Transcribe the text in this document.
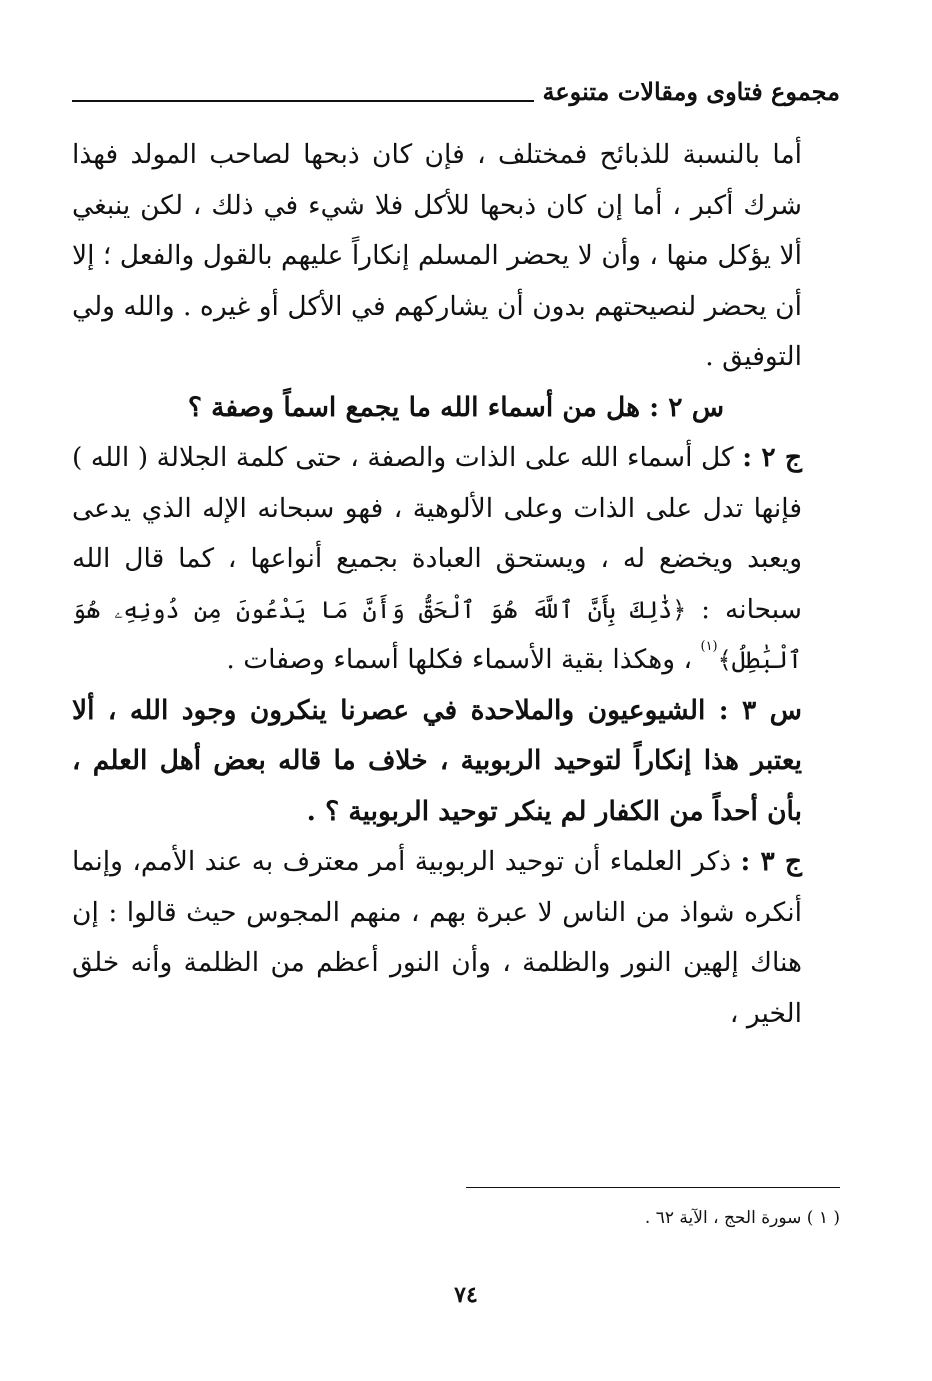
مجموع فتاوى ومقالات متنوعة

أما بالنسبة للذبائح فمختلف ، فإن كان ذبحها لصاحب المولد فهذا شرك أكبر ، أما إن كان ذبحها للأكل فلا شيء في ذلك ، لكن ينبغي ألا يؤكل منها ، وأن لا يحضر المسلم إنكاراً عليهم بالقول والفعل ؛ إلا أن يحضر لنصيحتهم بدون أن يشاركهم في الأكل أو غيره . والله ولي التوفيق .

س ٢ : هل من أسماء الله ما يجمع اسماً وصفة ؟

ج ٢ : كل أسماء الله على الذات والصفة ، حتى كلمة الجلالة ( الله ) فإنها تدل على الذات وعلى الألوهية ، فهو سبحانه الإله الذي يدعى ويعبد ويخضع له ، ويستحق العبادة بجميع أنواعها ، كما قال الله سبحانه : ﴿ذَٰلِكَ بِأَنَّ ٱللَّهَ هُوَ ٱلْحَقُّ وَأَنَّ مَا يَدْعُونَ مِن دُونِهِۦ هُوَ ٱلْبَٰطِلُ﴾$^{(١)}$ ، وهكذا بقية الأسماء فكلها أسماء وصفات .

س ٣ : الشيوعيون والملاحدة في عصرنا ينكرون وجود الله ، ألا يعتبر هذا إنكاراً لتوحيد الربوبية ، خلاف ما قاله بعض أهل العلم ، بأن أحداً من الكفار لم ينكر توحيد الربوبية ؟ .

ج ٣ : ذكر العلماء أن توحيد الربوبية أمر معترف به عند الأمم، وإنما أنكره شواذ من الناس لا عبرة بهم ، منهم المجوس حيث قالوا : إن هناك إلهين النور والظلمة ، وأن النور أعظم من الظلمة وأنه خلق الخير ،

( ١ ) سورة الحج ، الآية ٦٢ .
٧٤
